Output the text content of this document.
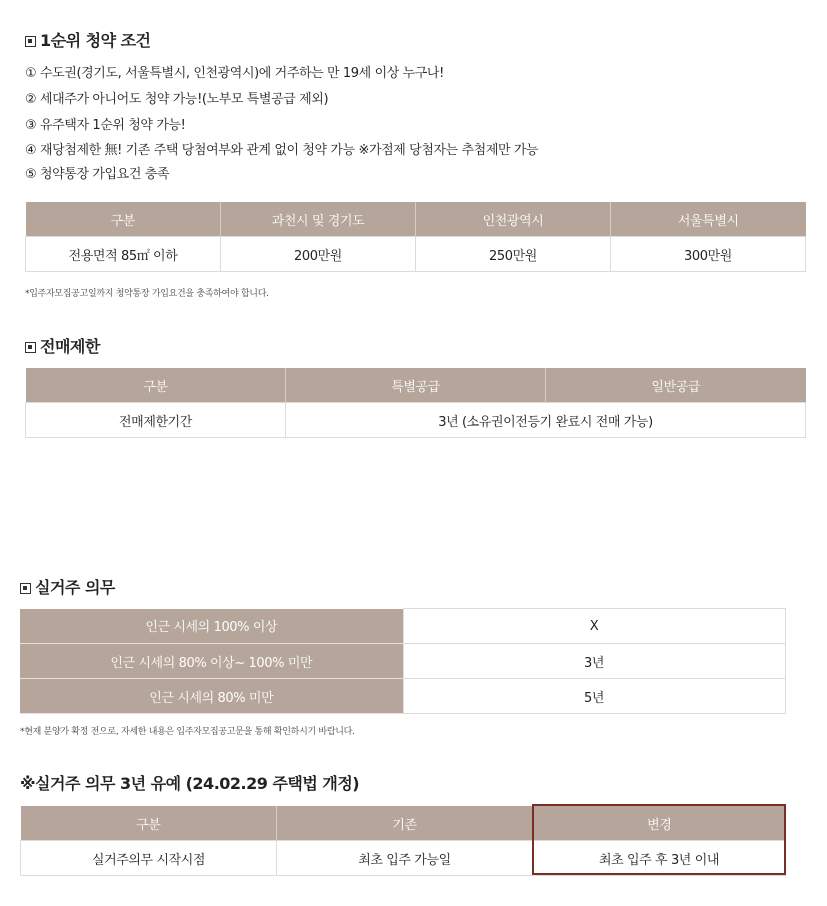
1순위 청약 조건
① 수도권(경기도, 서울특별시, 인천광역시)에 거주하는 만 19세 이상 누구나!
② 세대주가 아니어도 청약 가능!(노부모 특별공급 제외)
③ 유주택자 1순위 청약 가능!
④ 재당첨제한 無! 기존 주택 당첨여부와 관계 없이 청약 가능 ※가점제 당첨자는 추첨제만 가능
⑤ 청약통장 가입요건 충족
구분	과천시 및 경기도	인천광역시	서울특별시
전용면적 85㎡ 이하	200만원	250만원	300만원
*입주자모집공고일까지 청약통장 가입요건을 충족하여야 합니다.
전매제한
구분	특별공급	일반공급
전매제한기간	3년 (소유권이전등기 완료시 전매 가능)	
실거주 의무
인근 시세의 100% 이상	X
인근 시세의 80% 이상~ 100% 미만	3년
인근 시세의 80% 미만	5년
*현재 분양가 확정 전으로, 자세한 내용은 입주자모집공고문을 통해 확인하시기 바랍니다.
※실거주 의무 3년 유예 (24.02.29 주택법 개정)
구분	기존	변경
실거주의무 시작시점	최초 입주 가능일	최초 입주 후 3년 이내
